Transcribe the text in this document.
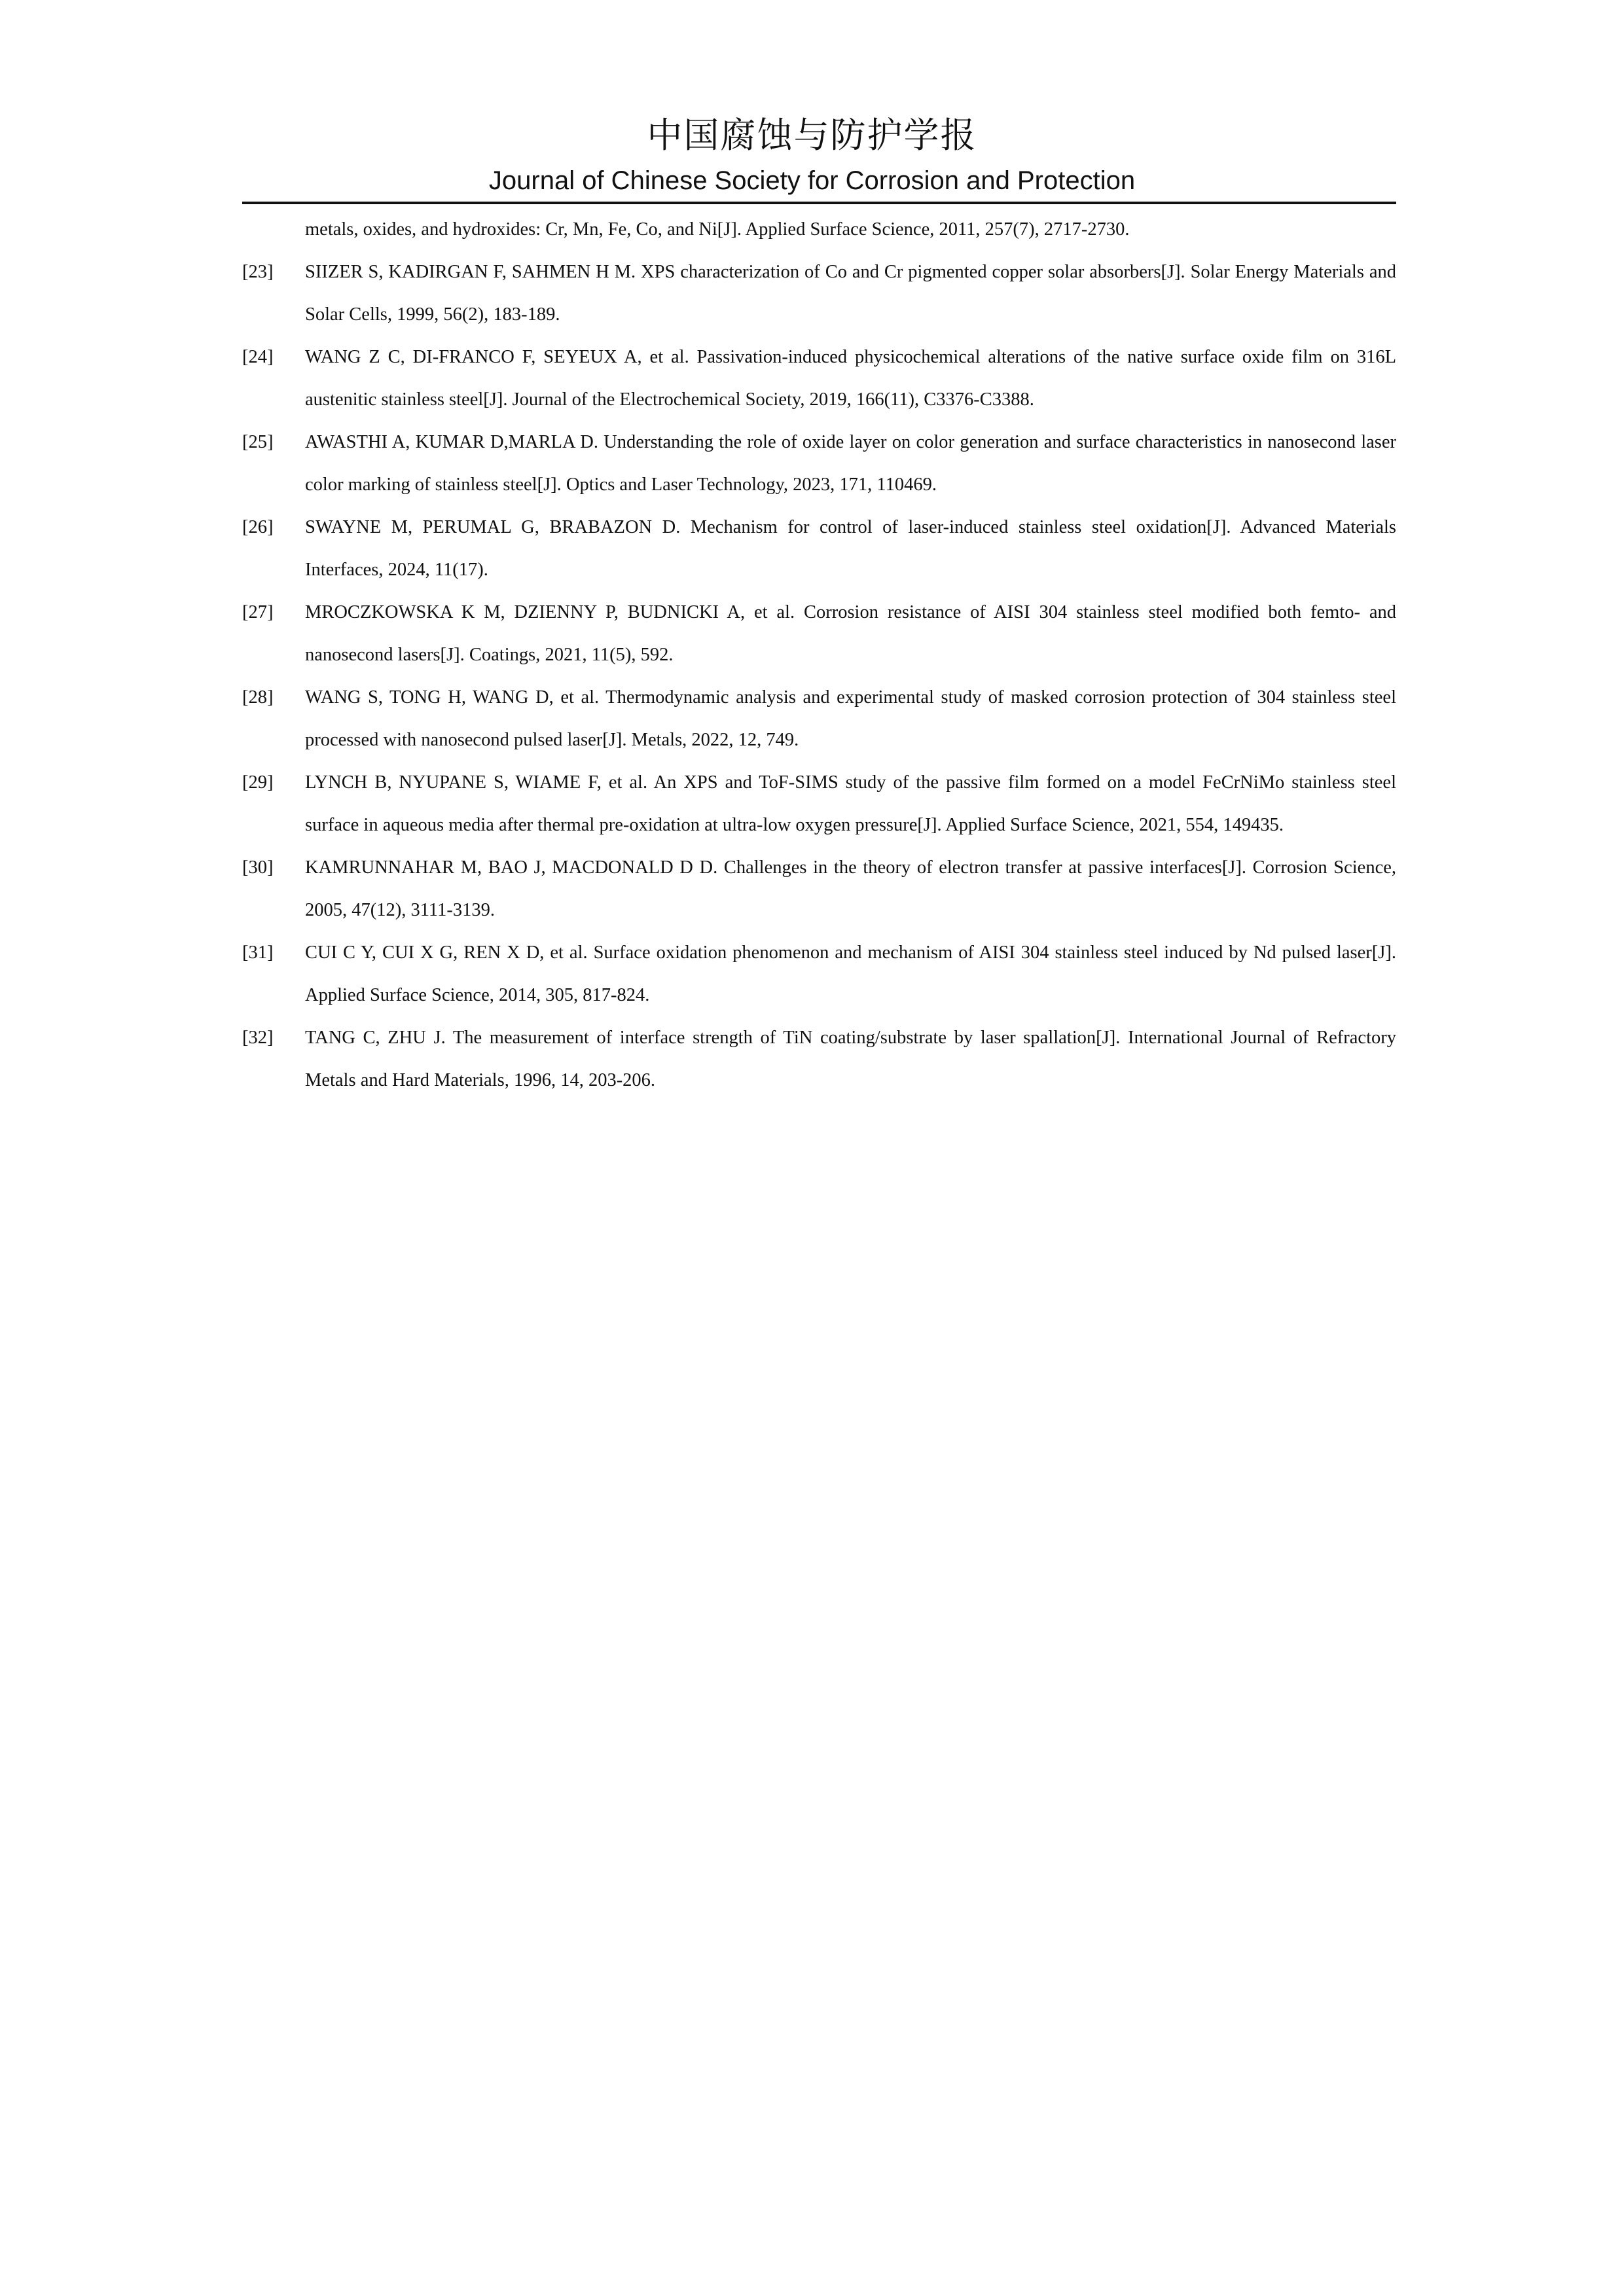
中国腐蚀与防护学报
Journal of Chinese Society for Corrosion and Protection
metals, oxides, and hydroxides: Cr, Mn, Fe, Co, and Ni[J]. Applied Surface Science, 2011, 257(7), 2717-2730.
[23]	SIIZER S, KADIRGAN F, SAHMEN H M. XPS characterization of Co and Cr pigmented copper solar absorbers[J]. Solar Energy Materials and Solar Cells, 1999, 56(2), 183-189.
[24]	WANG Z C, DI-FRANCO F, SEYEUX A, et al. Passivation-induced physicochemical alterations of the native surface oxide film on 316L austenitic stainless steel[J]. Journal of the Electrochemical Society, 2019, 166(11), C3376-C3388.
[25]	AWASTHI A, KUMAR D,MARLA D. Understanding the role of oxide layer on color generation and surface characteristics in nanosecond laser color marking of stainless steel[J]. Optics and Laser Technology, 2023, 171, 110469.
[26]	SWAYNE M, PERUMAL G, BRABAZON D. Mechanism for control of laser-induced stainless steel oxidation[J]. Advanced Materials Interfaces, 2024, 11(17).
[27]	MROCZKOWSKA K M, DZIENNY P, BUDNICKI A, et al. Corrosion resistance of AISI 304 stainless steel modified both femto- and nanosecond lasers[J]. Coatings, 2021, 11(5), 592.
[28]	WANG S, TONG H, WANG D, et al. Thermodynamic analysis and experimental study of masked corrosion protection of 304 stainless steel processed with nanosecond pulsed laser[J]. Metals, 2022, 12, 749.
[29]	LYNCH B, NYUPANE S, WIAME F, et al. An XPS and ToF-SIMS study of the passive film formed on a model FeCrNiMo stainless steel surface in aqueous media after thermal pre-oxidation at ultra-low oxygen pressure[J]. Applied Surface Science, 2021, 554, 149435.
[30]	KAMRUNNAHAR M, BAO J, MACDONALD D D. Challenges in the theory of electron transfer at passive interfaces[J]. Corrosion Science, 2005, 47(12), 3111-3139.
[31]	CUI C Y, CUI X G, REN X D, et al. Surface oxidation phenomenon and mechanism of AISI 304 stainless steel induced by Nd pulsed laser[J]. Applied Surface Science, 2014, 305, 817-824.
[32]	TANG C, ZHU J. The measurement of interface strength of TiN coating/substrate by laser spallation[J]. International Journal of Refractory Metals and Hard Materials, 1996, 14, 203-206.
